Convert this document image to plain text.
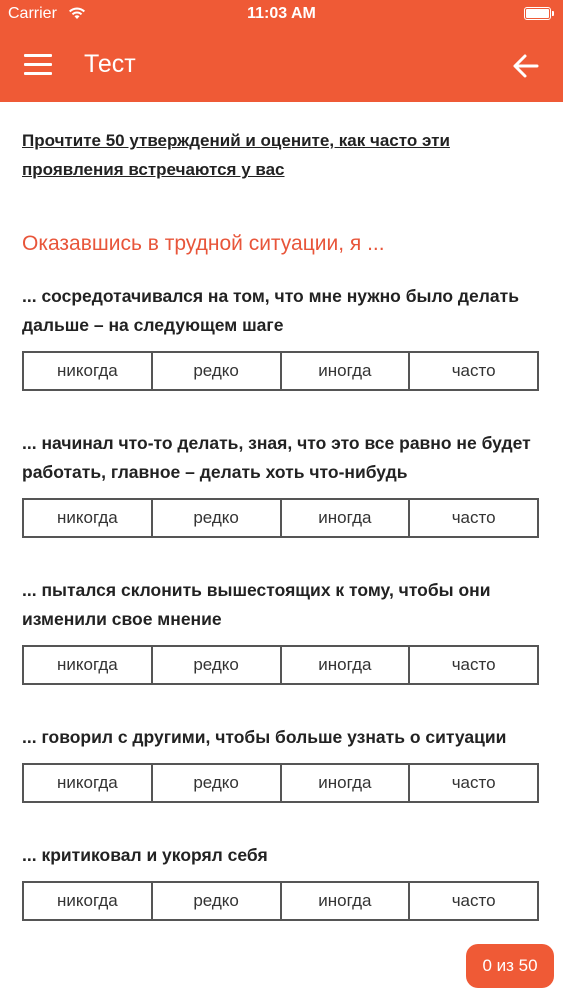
Carrier	11:03 AM
Тест

Прочтите 50 утверждений и оцените, как часто эти проявления встречаются у вас

Оказавшись в трудной ситуации, я ...

... сосредотачивался на том, что мне нужно было делать дальше – на следующем шаге

никогда	редко	иногда	часто

... начинал что-то делать, зная, что это все равно не будет работать, главное – делать хоть что-нибудь

никогда	редко	иногда	часто

... пытался склонить вышестоящих к тому, чтобы они изменили свое мнение

никогда	редко	иногда	часто

... говорил с другими, чтобы больше узнать о ситуации

никогда	редко	иногда	часто

... критиковал и укорял себя

никогда	редко	иногда	часто
0 из 50
